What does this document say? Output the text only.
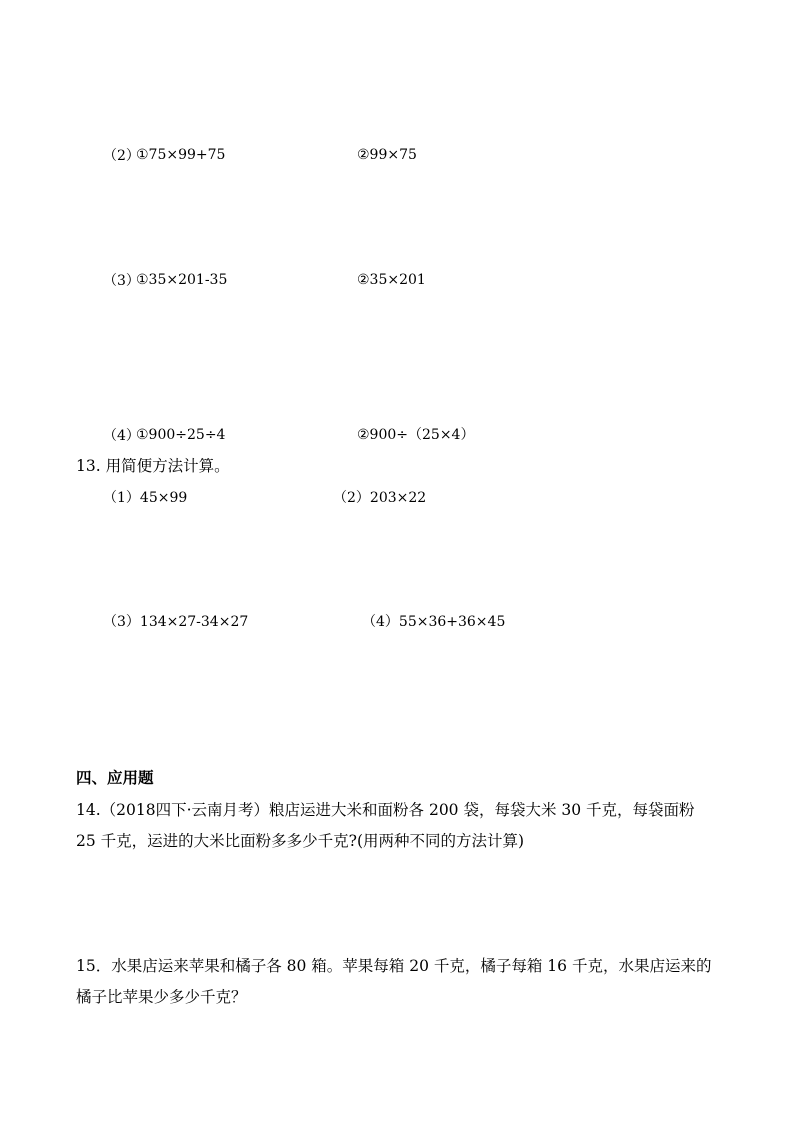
（2）
①75×99+75	②99×75
（3）
①35×201-35	②35×201
（4）
①900÷25÷4	②900÷（25×4）
13. 用简便方法计算。
（1）45×99	（2）203×22
（3）134×27-34×27	（4）55×36+36×45
四、应用题
14.（2018四下·云南月考）粮店运进大米和面粉各 200 袋，每袋大米 30 千克，每袋面粉
25 千克，运进的大米比面粉多多少千克?(用两种不同的方法计算)
15．水果店运来苹果和橘子各 80 箱。苹果每箱 20 千克，橘子每箱 16 千克，水果店运来的
橘子比苹果少多少千克？
